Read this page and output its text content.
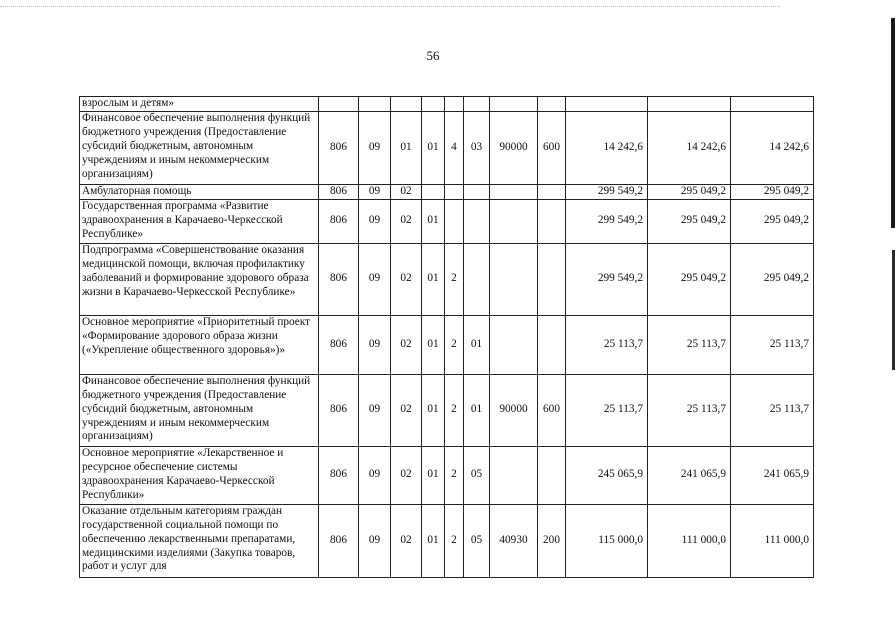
56
взрослым и детям»											
Финансовое обеспечение выполнения функций бюджетного учреждения (Предоставление субсидий бюджетным, автономным учреждениям и иным некоммерческим организациям)	806	09	01	01	4	03	90000	600	14 242,6	14 242,6	14 242,6
Амбулаторная помощь	806	09	02						299 549,2	295 049,2	295 049,2
Государственная программа «Развитие здравоохранения в Карачаево-Черкесской Республике»	806	09	02	01					299 549,2	295 049,2	295 049,2
Подпрограмма «Совершенствование оказания медицинской помощи, включая профилактику заболеваний и формирование здорового образа жизни в Карачаево-Черкесской Республике»	806	09	02	01	2				299 549,2	295 049,2	295 049,2
Основное мероприятие «Приоритетный проект «Формирование здорового образа жизни («Укрепление общественного здоровья»)»	806	09	02	01	2	01			25 113,7	25 113,7	25 113,7
Финансовое обеспечение выполнения функций бюджетного учреждения (Предоставление субсидий бюджетным, автономным учреждениям и иным некоммерческим организациям)	806	09	02	01	2	01	90000	600	25 113,7	25 113,7	25 113,7
Основное мероприятие «Лекарственное и ресурсное обеспечение системы здравоохранения Карачаево-Черкесской Республики»	806	09	02	01	2	05			245 065,9	241 065,9	241 065,9
Оказание отдельным категориям граждан государственной социальной помощи по обеспечению лекарственными препаратами, медицинскими изделиями (Закупка товаров, работ и услуг для	806	09	02	01	2	05	40930	200	115 000,0	111 000,0	111 000,0
